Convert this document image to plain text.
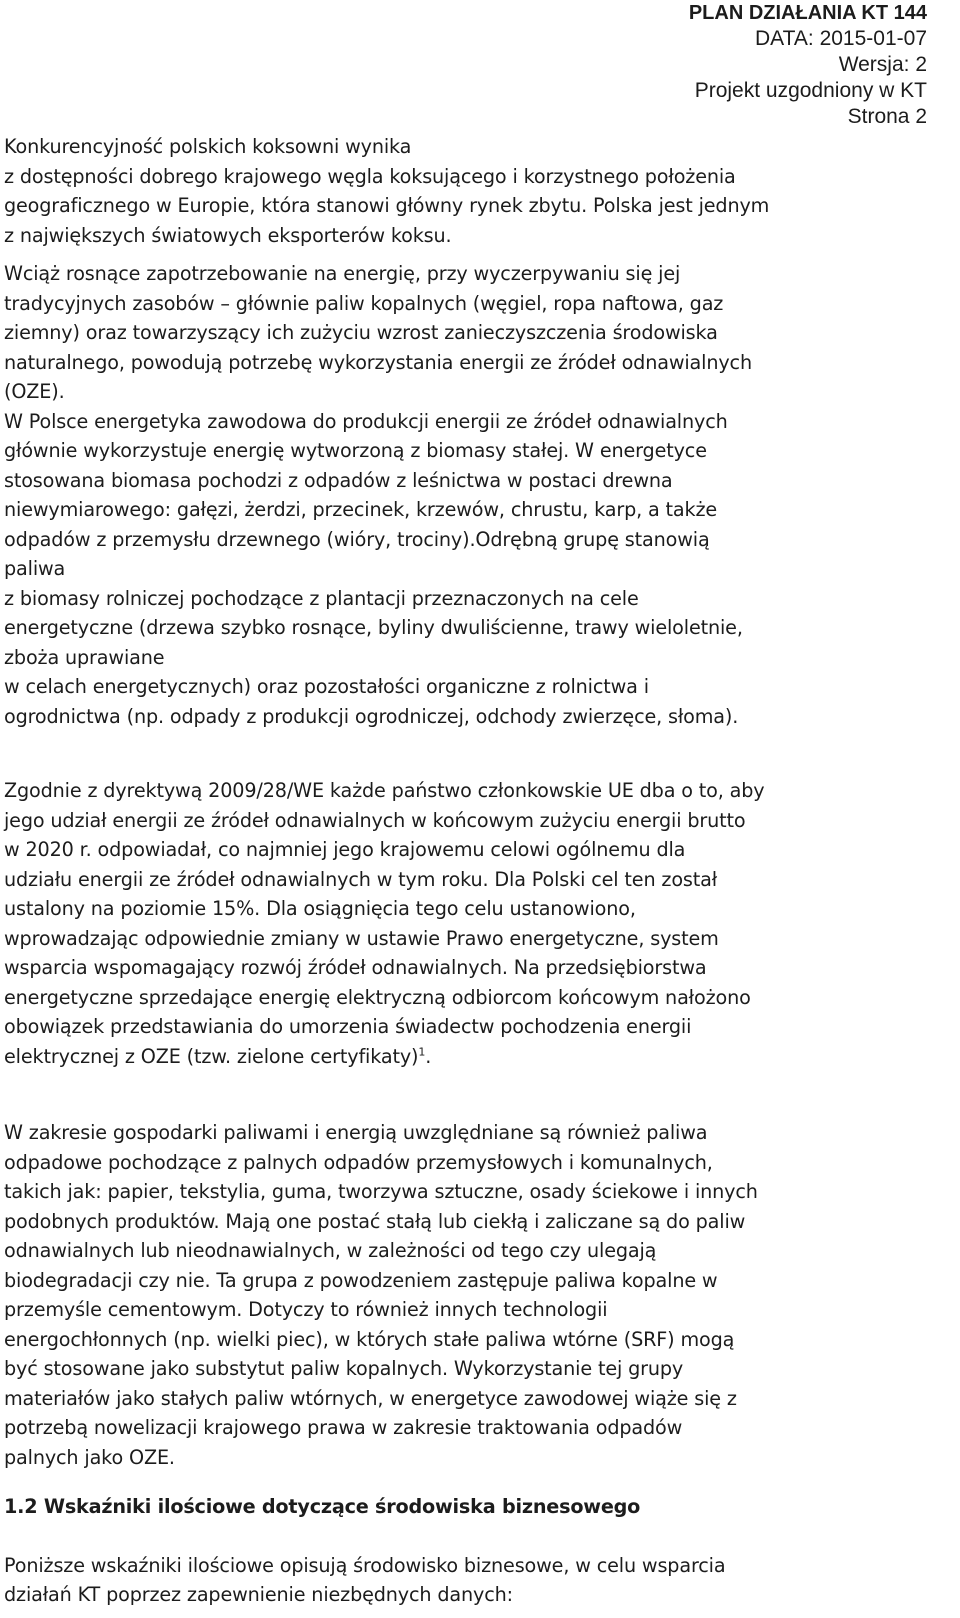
PLAN DZIAŁANIA KT 144
DATA: 2015-01-07
Wersja: 2
Projekt uzgodniony w KT
Strona 2
Konkurencyjność polskich koksowni wynika
z dostępności dobrego krajowego węgla koksującego i korzystnego położenia
geograficznego w Europie, która stanowi główny rynek zbytu. Polska jest jednym
z największych światowych eksporterów koksu.
Wciąż rosnące zapotrzebowanie na energię, przy wyczerpywaniu się jej
tradycyjnych zasobów – głównie paliw kopalnych (węgiel, ropa naftowa, gaz
ziemny) oraz towarzyszący ich zużyciu wzrost zanieczyszczenia środowiska
naturalnego, powodują potrzebę wykorzystania energii ze źródeł odnawialnych
(OZE).
W Polsce energetyka zawodowa do produkcji energii ze źródeł odnawialnych
głównie wykorzystuje energię wytworzoną z biomasy stałej. W energetyce
stosowana biomasa pochodzi z odpadów z leśnictwa w postaci drewna
niewymiarowego: gałęzi, żerdzi, przecinek, krzewów, chrustu, karp, a także
odpadów z przemysłu drzewnego (wióry, trociny).Odrębną grupę stanowią
paliwa
z biomasy rolniczej pochodzące z plantacji przeznaczonych na cele
energetyczne (drzewa szybko rosnące, byliny dwuliścienne, trawy wieloletnie,
zboża uprawiane
w celach energetycznych) oraz pozostałości organiczne z rolnictwa i
ogrodnictwa (np. odpady z produkcji ogrodniczej, odchody zwierzęce, słoma).
Zgodnie z dyrektywą 2009/28/WE każde państwo członkowskie UE dba o to, aby
jego udział energii ze źródeł odnawialnych w końcowym zużyciu energii brutto
w 2020 r. odpowiadał, co najmniej jego krajowemu celowi ogólnemu dla
udziału energii ze źródeł odnawialnych w tym roku. Dla Polski cel ten został
ustalony na poziomie 15%. Dla osiągnięcia tego celu ustanowiono,
wprowadzając odpowiednie zmiany w ustawie Prawo energetyczne, system
wsparcia wspomagający rozwój źródeł odnawialnych. Na przedsiębiorstwa
energetyczne sprzedające energię elektryczną odbiorcom końcowym nałożono
obowiązek przedstawiania do umorzenia świadectw pochodzenia energii
elektrycznej z OZE (tzw. zielone certyfikaty)$^1$.
W zakresie gospodarki paliwami i energią uwzględniane są również paliwa
odpadowe pochodzące z palnych odpadów przemysłowych i komunalnych,
takich jak: papier, tekstylia, guma, tworzywa sztuczne, osady ściekowe i innych
podobnych produktów. Mają one postać stałą lub ciekłą i zaliczane są do paliw
odnawialnych lub nieodnawialnych, w zależności od tego czy ulegają
biodegradacji czy nie. Ta grupa z powodzeniem zastępuje paliwa kopalne w
przemyśle cementowym. Dotyczy to również innych technologii
energochłonnych (np. wielki piec), w których stałe paliwa wtórne (SRF) mogą
być stosowane jako substytut paliw kopalnych. Wykorzystanie tej grupy
materiałów jako stałych paliw wtórnych, w energetyce zawodowej wiąże się z
potrzebą nowelizacji krajowego prawa w zakresie traktowania odpadów
palnych jako OZE.
1.2 Wskaźniki ilościowe dotyczące środowiska biznesowego
Poniższe wskaźniki ilościowe opisują środowisko biznesowe, w celu wsparcia
działań KT poprzez zapewnienie niezbędnych danych:
